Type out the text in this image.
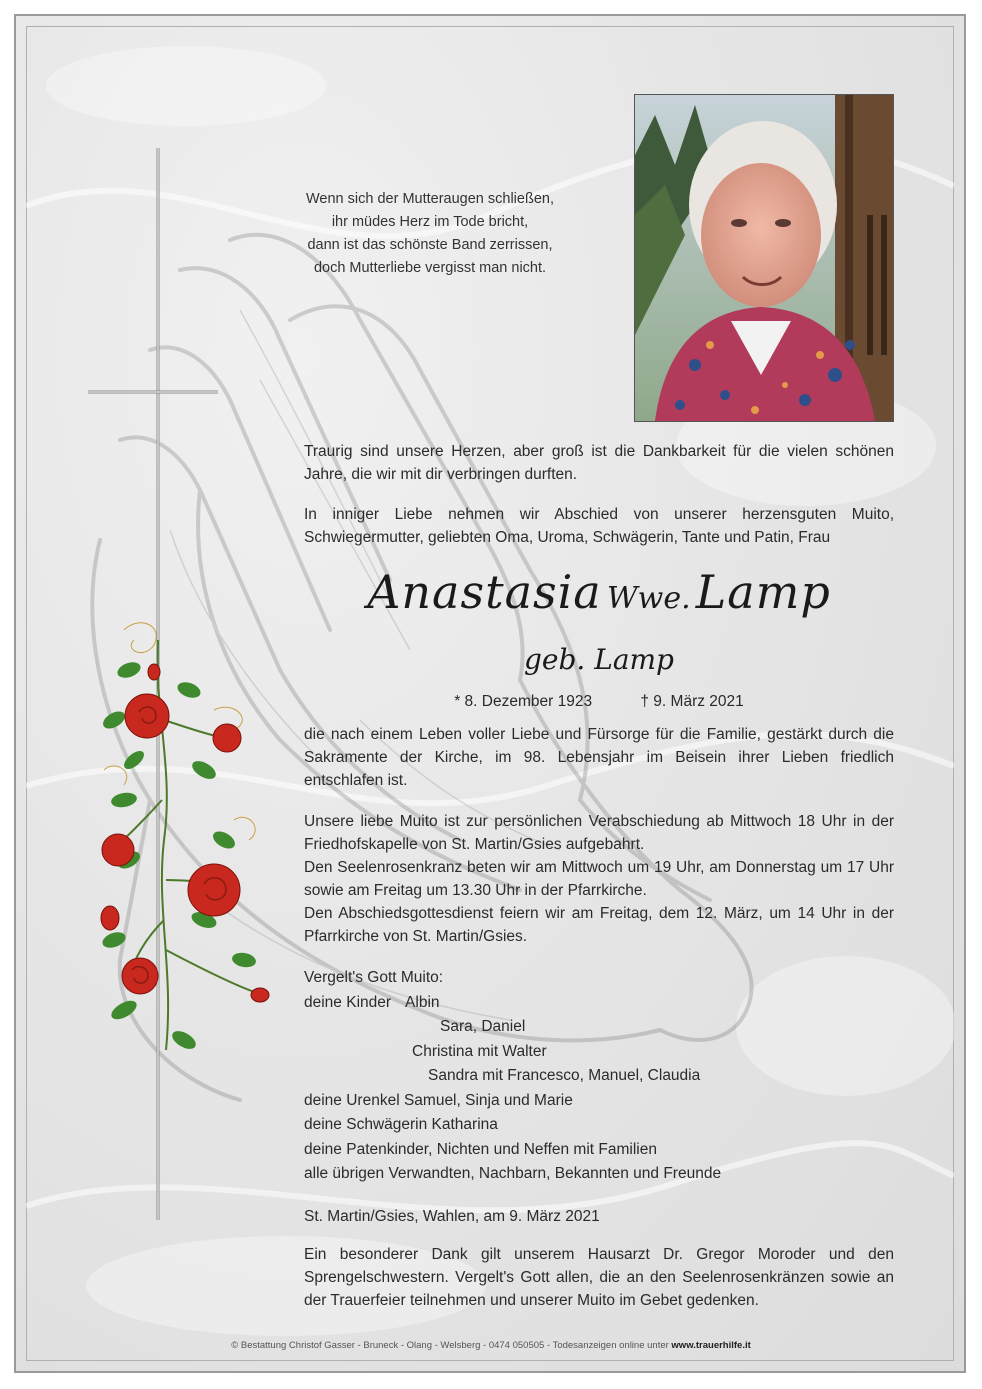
Wenn sich der Mutteraugen schließen,
ihr müdes Herz im Tode bricht,
dann ist das schönste Band zerrissen,
doch Mutterliebe vergisst man nicht.
Traurig sind unsere Herzen, aber groß ist die Dankbarkeit für die vielen schönen Jahre, die wir mit dir verbringen durften.
In inniger Liebe nehmen wir Abschied von unserer herzensguten Muito, Schwiegermutter, geliebten Oma, Uroma, Schwägerin, Tante und Patin, Frau
Anastasia Wwe. Lamp
geb. Lamp
* 8. Dezember 1923	† 9. März 2021
die nach einem Leben voller Liebe und Fürsorge für die Familie, gestärkt durch die Sakramente der Kirche, im 98. Lebensjahr im Beisein ihrer Lieben friedlich entschlafen ist.
Unsere liebe Muito ist zur persönlichen Verabschiedung ab Mittwoch 18 Uhr in der Friedhofskapelle von St. Martin/Gsies aufgebahrt.
Den Seelenrosenkranz beten wir am Mittwoch um 19 Uhr, am Donnerstag um 17 Uhr sowie am Freitag um 13.30 Uhr in der Pfarrkirche.
Den Abschiedsgottesdienst feiern wir am Freitag, dem 12. März, um 14 Uhr in der Pfarrkirche von St. Martin/Gsies.
Vergelt's Gott Muito:
deine Kinder Albin
Sara, Daniel
Christina mit Walter
Sandra mit Francesco, Manuel, Claudia
deine Urenkel Samuel, Sinja und Marie
deine Schwägerin Katharina
deine Patenkinder, Nichten und Neffen mit Familien
alle übrigen Verwandten, Nachbarn, Bekannten und Freunde
St. Martin/Gsies, Wahlen, am 9. März 2021
Ein besonderer Dank gilt unserem Hausarzt Dr. Gregor Moroder und den Sprengelschwestern. Vergelt's Gott allen, die an den Seelenrosenkränzen sowie an der Trauerfeier teilnehmen und unserer Muito im Gebet gedenken.
© Bestattung Christof Gasser - Bruneck - Olang - Welsberg - 0474 050505 - Todesanzeigen online unter www.trauerhilfe.it
